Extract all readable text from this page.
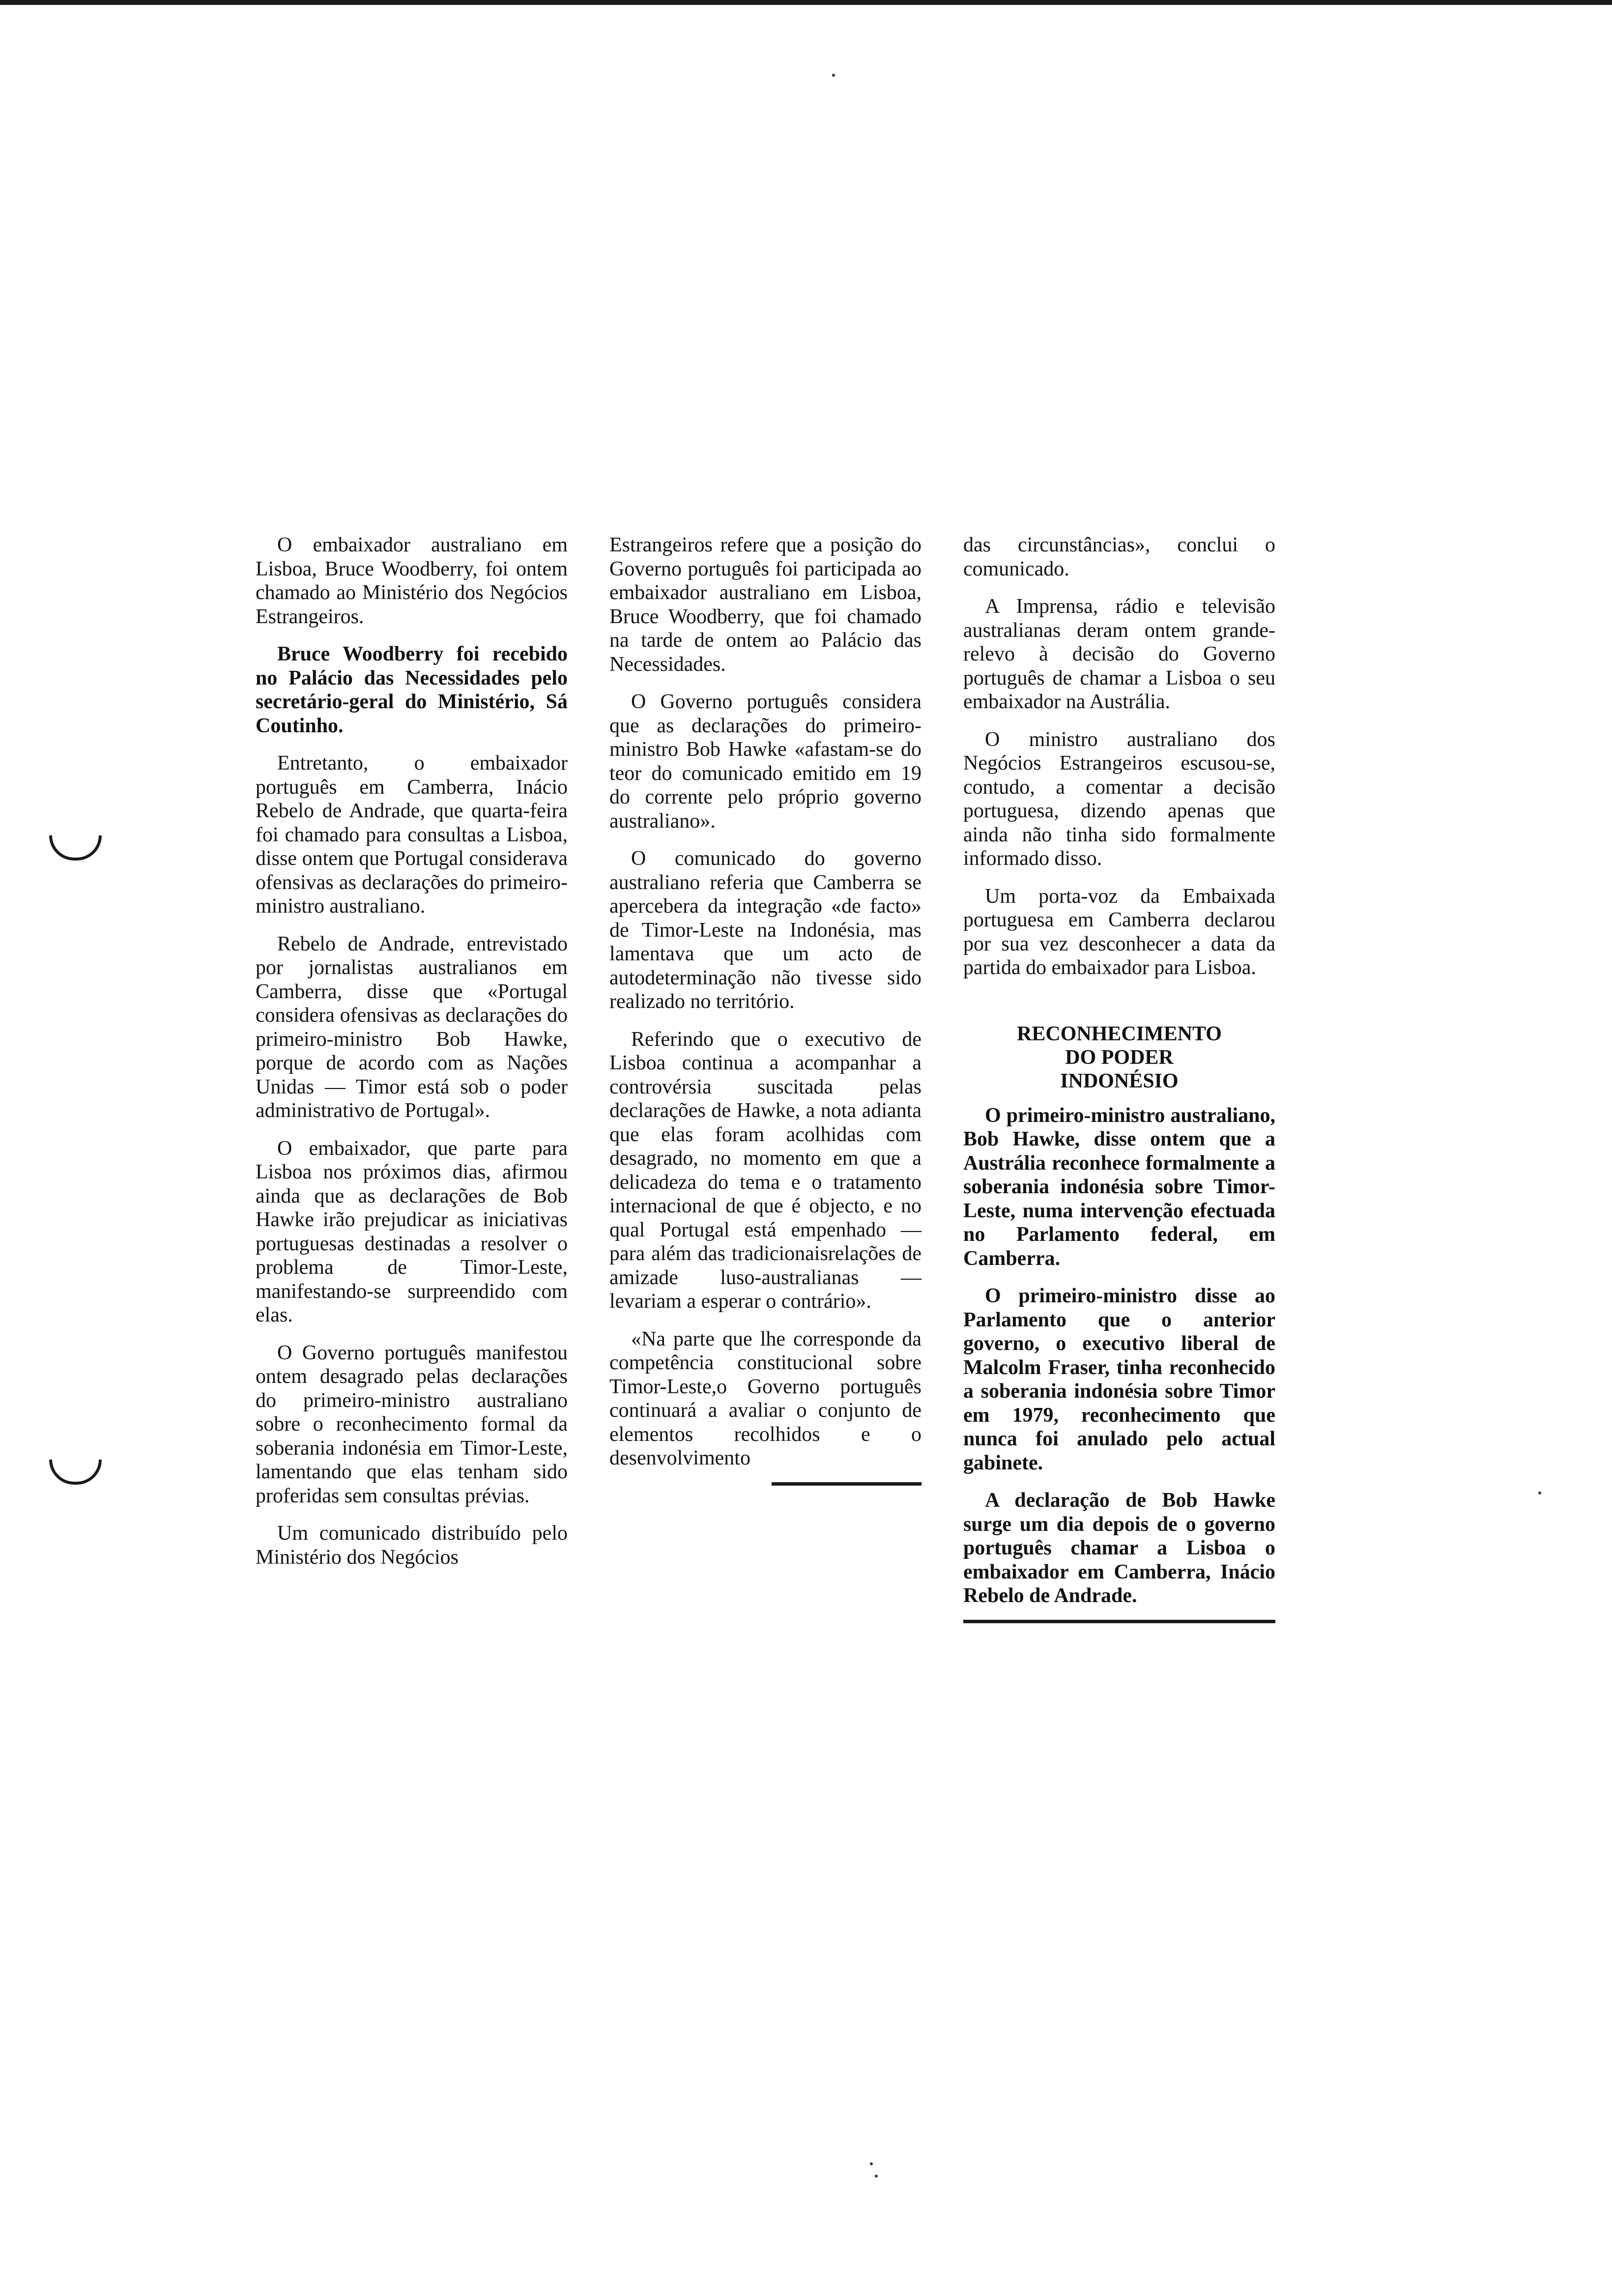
O embaixador australiano em Lisboa, Bruce Woodberry, foi ontem chamado ao Ministério dos Negócios Estrangeiros.

Bruce Woodberry foi recebido no Palácio das Necessidades pelo secretário-geral do Ministério, Sá Coutinho.

Entretanto, o embaixador português em Camberra, Inácio Rebelo de Andrade, que quarta-feira foi chamado para consultas a Lisboa, disse ontem que Portugal considerava ofensivas as declarações do primeiro-ministro australiano.

Rebelo de Andrade, entrevistado por jornalistas australianos em Camberra, disse que «Portugal considera ofensivas as declarações do primeiro-ministro Bob Hawke, porque de acordo com as Nações Unidas — Timor está sob o poder administrativo de Portugal».

O embaixador, que parte para Lisboa nos próximos dias, afirmou ainda que as declarações de Bob Hawke irão prejudicar as iniciativas portuguesas destinadas a resolver o problema de Timor-Leste, manifestando-se surpreendido com elas.

O Governo português manifestou ontem desagrado pelas declarações do primeiro-ministro australiano sobre o reconhecimento formal da soberania indonésia em Timor-Leste, lamentando que elas tenham sido proferidas sem consultas prévias.

Um comunicado distribuído pelo Ministério dos Negócios

Estrangeiros refere que a posição do Governo português foi participada ao embaixador australiano em Lisboa, Bruce Woodberry, que foi chamado na tarde de ontem ao Palácio das Necessidades.

O Governo português considera que as declarações do primeiro-ministro Bob Hawke «afastam-se do teor do comunicado emitido em 19 do corrente pelo próprio governo australiano».

O comunicado do governo australiano referia que Camberra se apercebera da integração «de facto» de Timor-Leste na Indonésia, mas lamentava que um acto de autodeterminação não tivesse sido realizado no território.

Referindo que o executivo de Lisboa continua a acompanhar a controvérsia suscitada pelas declarações de Hawke, a nota adianta que elas foram acolhidas com desagrado, no momento em que a delicadeza do tema e o tratamento internacional de que é objecto, e no qual Portugal está empenhado — para além das tradicionaisrelações de amizade luso-australianas — levariam a esperar o contrário».

«Na parte que lhe corresponde da competência constitucional sobre Timor-Leste,o Governo português continuará a avaliar o conjunto de elementos recolhidos e o desenvolvimento

das circunstâncias», conclui o comunicado.

A Imprensa, rádio e televisão australianas deram ontem grande-relevo à decisão do Governo português de chamar a Lisboa o seu embaixador na Austrália.

O ministro australiano dos Negócios Estrangeiros escusou-se, contudo, a comentar a decisão portuguesa, dizendo apenas que ainda não tinha sido formalmente informado disso.

Um porta-voz da Embaixada portuguesa em Camberra declarou por sua vez desconhecer a data da partida do embaixador para Lisboa.

RECONHECIMENTO
DO PODER
INDONÉSIO

O primeiro-ministro australiano, Bob Hawke, disse ontem que a Austrália reconhece formalmente a soberania indonésia sobre Timor-Leste, numa intervenção efectuada no Parlamento federal, em Camberra.

O primeiro-ministro disse ao Parlamento que o anterior governo, o executivo liberal de Malcolm Fraser, tinha reconhecido a soberania indonésia sobre Timor em 1979, reconhecimento que nunca foi anulado pelo actual gabinete.

A declaração de Bob Hawke surge um dia depois de o governo português chamar a Lisboa o embaixador em Camberra, Inácio Rebelo de Andrade.
